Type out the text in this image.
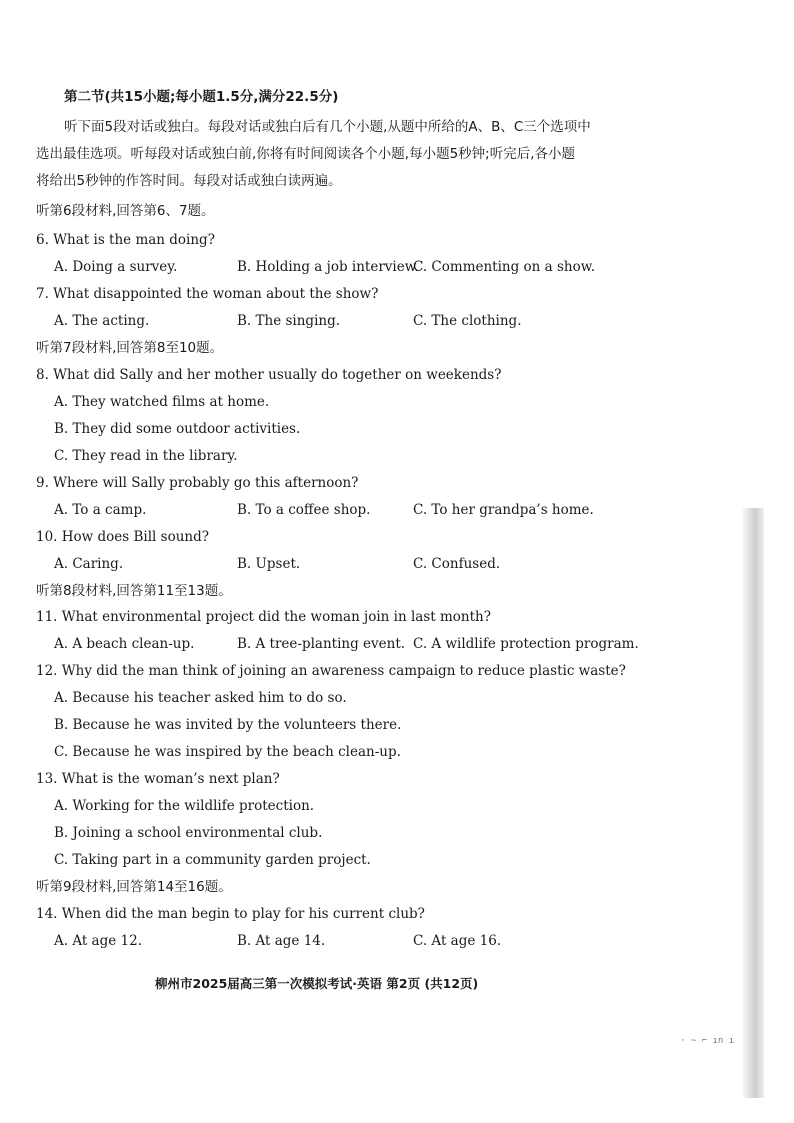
第二节(共15小题;每小题1.5分,满分22.5分)
听下面5段对话或独白。每段对话或独白后有几个小题,从题中所给的A、B、C三个选项中
选出最佳选项。听每段对话或独白前,你将有时间阅读各个小题,每小题5秒钟;听完后,各小题
将给出5秒钟的作答时间。每段对话或独白读两遍。
听第6段材料,回答第6、7题。
6. What is the man doing?
A. Doing a survey.	B. Holding a job interview.
C. Commenting on a show.
7. What disappointed the woman about the show?
A. The acting.	B. The singing.	C. The clothing.
听第7段材料,回答第8至10题。
8. What did Sally and her mother usually do together on weekends?
A. They watched films at home.
B. They did some outdoor activities.
C. They read in the library.
9. Where will Sally probably go this afternoon?
A. To a camp.	B. To a coffee shop.	C. To her grandpa’s home.
10. How does Bill sound?
A. Caring.	B. Upset.	C. Confused.
听第8段材料,回答第11至13题。
11. What environmental project did the woman join in last month?
A. A beach clean-up.	B. A tree-planting event. C. A wildlife protection program.
12. Why did the man think of joining an awareness campaign to reduce plastic waste?
A. Because his teacher asked him to do so.
B. Because he was invited by the volunteers there.
C. Because he was inspired by the beach clean-up.
13. What is the woman’s next plan?
A. Working for the wildlife protection.
B. Joining a school environmental club.
C. Taking part in a community garden project.
听第9段材料,回答第14至16题。
14. When did the man begin to play for his current club?
A. At age 12.	B. At age 14.	C. At age 16.
柳州市2025届高三第一次模拟考试·英语 第2页 (共12页)
· ~ ⌐ ın ı
